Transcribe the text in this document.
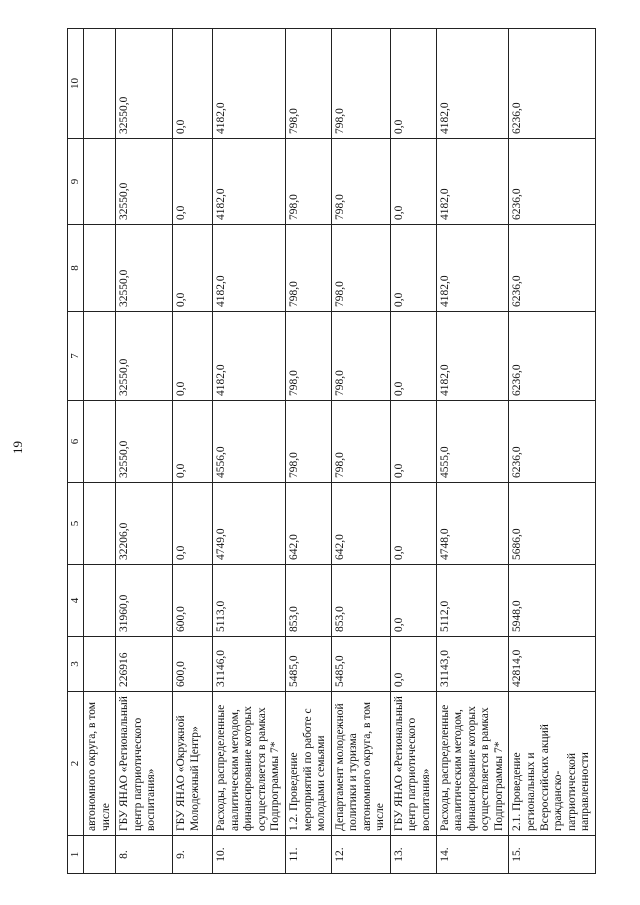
19
1	2	3	4	5	6	7	8	9	10
	автономного округа, в том числе								
8.	ГБУ ЯНАО «Региональный центр патриотического воспитания»	226916	31960,0	32206,0	32550,0	32550,0	32550,0	32550,0	32550,0
9.	ГБУ ЯНАО «Окружной Молодежный Центр»	600,0	600,0	0,0	0,0	0,0	0,0	0,0	0,0
10.	Расходы, распределенные аналитическим методом, финансирование которых осуществляется в рамках Подпрограммы 7*	31146,0	5113,0	4749,0	4556,0	4182,0	4182,0	4182,0	4182,0
11.	1.2. Проведение мероприятий по работе с молодыми семьями	5485,0	853,0	642,0	798,0	798,0	798,0	798,0	798,0
12.	Департамент молодежной политики и туризма автономного округа, в том числе	5485,0	853,0	642,0	798,0	798,0	798,0	798,0	798,0
13.	ГБУ ЯНАО «Региональный центр патриотического воспитания»	0,0	0,0	0,0	0,0	0,0	0,0	0,0	0,0
14.	Расходы, распределенные аналитическим методом, финансирование которых осуществляется в рамках Подпрограммы 7*	31143,0	5112,0	4748,0	4555,0	4182,0	4182,0	4182,0	4182,0
15.	2.1. Проведение региональных и Всероссийских акций гражданско-патриотической направленности	42814,0	5948,0	5686,0	6236,0	6236,0	6236,0	6236,0	6236,0
